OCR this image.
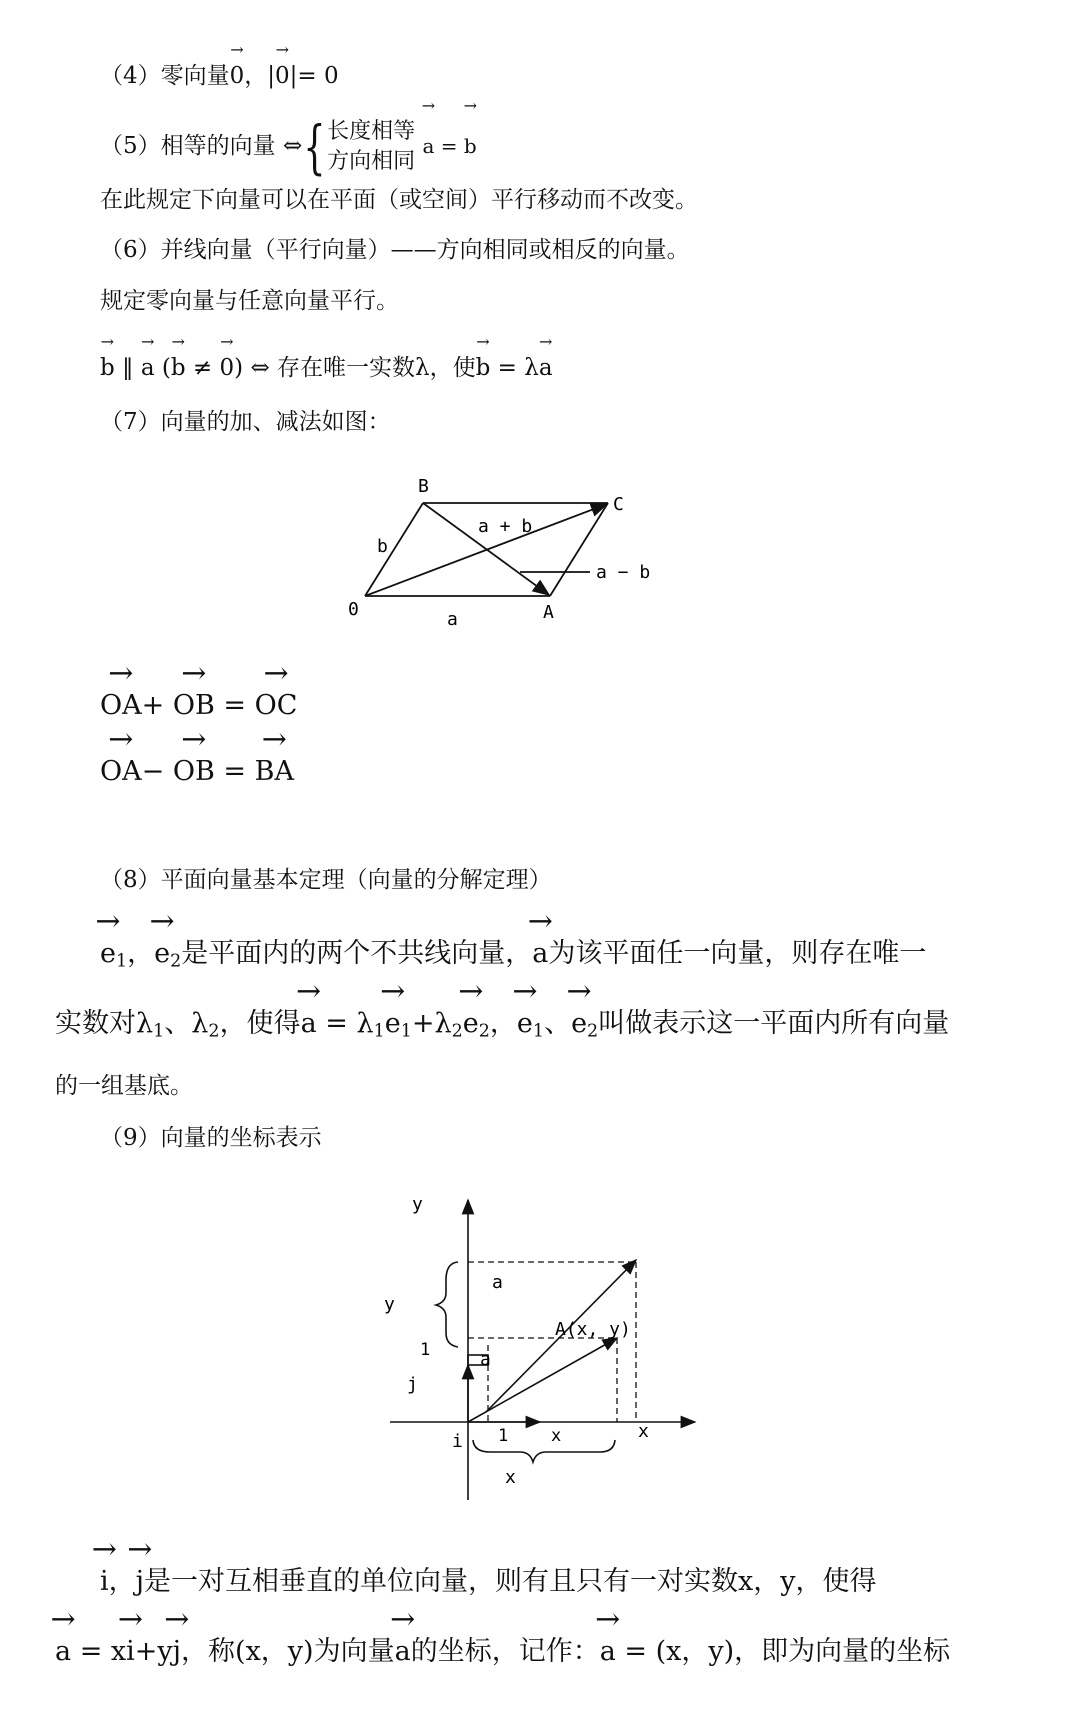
（4）零向量→ 0，|→ 0|= 0
（5）相等的向量 ⇔{长度相等
方向相同 → a = → b
在此规定下向量可以在平面（或空间）平行移动而不改变。
（6）并线向量（平行向量）——方向相同或相反的向量。
规定零向量与任意向量平行。
→ b ∥ → a (→ b ≠ → 0) ⇔ 存在唯一实数λ，使→ b = λ→ a
（7）向量的加、减法如图：
B
C
0	A
a + b
a − b
a
b
→ OA+ → OB = → OC
→ OA− → OB = → BA
（8）平面向量基本定理（向量的分解定理）
→ $e_1$，→ $e_2$是平面内的两个不共线向量，→ a为该平面任一向量，则存在唯一
实数对$\lambda_1$、$\lambda_2$，使得→ $a = \lambda_1\to e_1+\lambda_2\to e_2$，→ $e_1$、→ $e_2$叫做表示这一平面内所有向量
的一组基底。
（9）向量的坐标表示
y
x
y
x
1
1	x
A(x, y)
a
a
i
j
→ i，→ j是一对互相垂直的单位向量，则有且只有一对实数x，y，使得
→ a = x→ i+y→ j，称(x，y)为向量→ a的坐标，记作：→ a = (x，y)，即为向量的坐标
